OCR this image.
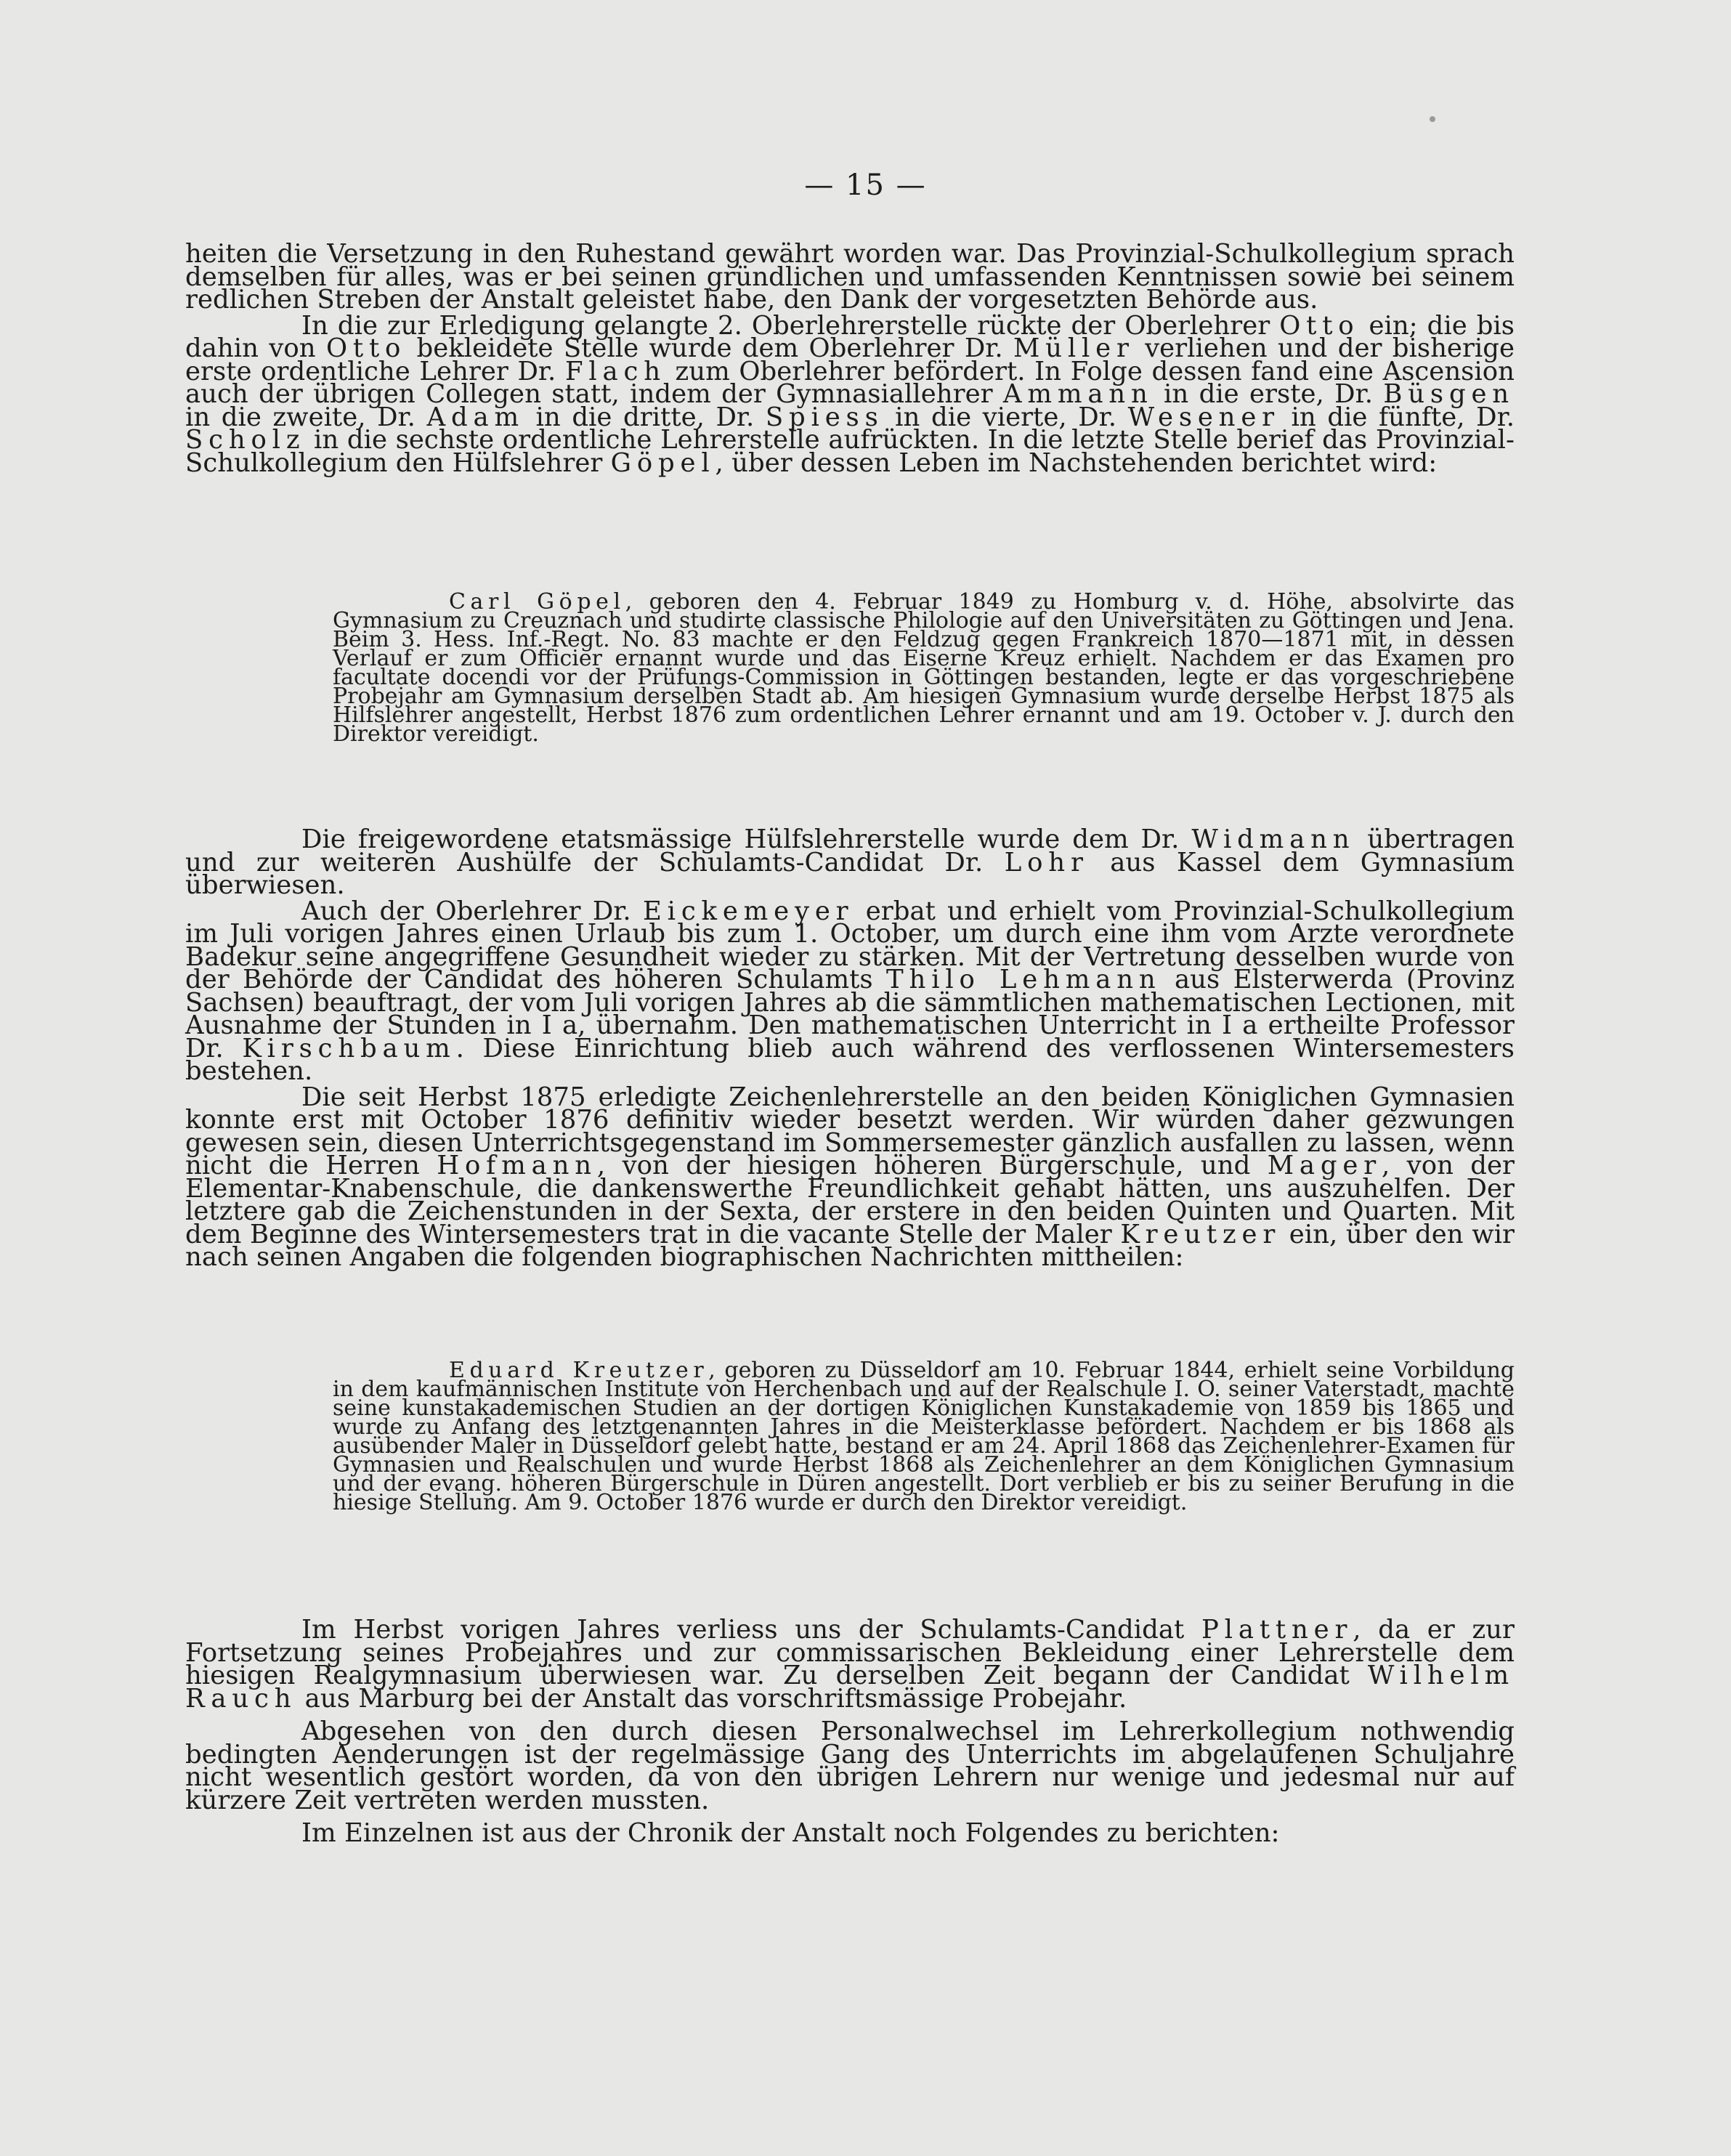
— 15 —

heiten die Versetzung in den Ruhestand gewährt worden war. Das Provinzial-Schulkollegium sprach demselben für alles, was er bei seinen gründlichen und umfassenden Kenntnissen sowie bei seinem redlichen Streben der Anstalt geleistet habe, den Dank der vorgesetzten Behörde aus.

In die zur Erledigung gelangte 2. Oberlehrerstelle rückte der Oberlehrer Otto ein; die bis dahin von Otto bekleidete Stelle wurde dem Oberlehrer Dr. Müller verliehen und der bisherige erste ordentliche Lehrer Dr. Flach zum Oberlehrer befördert. In Folge dessen fand eine Ascension auch der übrigen Collegen statt, indem der Gymnasiallehrer Ammann in die erste, Dr. Büsgen in die zweite, Dr. Adam in die dritte, Dr. Spiess in die vierte, Dr. Wesener in die fünfte, Dr. Scholz in die sechste ordentliche Lehrerstelle aufrückten. In die letzte Stelle berief das Provinzial-Schulkollegium den Hülfslehrer Göpel, über dessen Leben im Nachstehenden berichtet wird:

Carl Göpel, geboren den 4. Februar 1849 zu Homburg v. d. Höhe, absolvirte das Gymnasium zu Creuznach und studirte classische Philologie auf den Universitäten zu Göttingen und Jena. Beim 3. Hess. Inf.-Regt. No. 83 machte er den Feldzug gegen Frankreich 1870—1871 mit, in dessen Verlauf er zum Officier ernannt wurde und das Eiserne Kreuz erhielt. Nachdem er das Examen pro facultate docendi vor der Prüfungs-Commission in Göttingen bestanden, legte er das vorgeschriebene Probejahr am Gymnasium derselben Stadt ab. Am hiesigen Gymnasium wurde derselbe Herbst 1875 als Hilfslehrer angestellt, Herbst 1876 zum ordentlichen Lehrer ernannt und am 19. October v. J. durch den Direktor vereidigt.

Die freigewordene etatsmässige Hülfslehrerstelle wurde dem Dr. Widmann übertragen und zur weiteren Aushülfe der Schulamts-Candidat Dr. Lohr aus Kassel dem Gymnasium überwiesen.

Auch der Oberlehrer Dr. Eickemeyer erbat und erhielt vom Provinzial-Schulkollegium im Juli vorigen Jahres einen Urlaub bis zum 1. October, um durch eine ihm vom Arzte verordnete Badekur seine angegriffene Gesundheit wieder zu stärken. Mit der Vertretung desselben wurde von der Behörde der Candidat des höheren Schulamts Thilo Lehmann aus Elsterwerda (Provinz Sachsen) beauftragt, der vom Juli vorigen Jahres ab die sämmtlichen mathematischen Lectionen, mit Ausnahme der Stunden in I a, übernahm. Den mathematischen Unterricht in I a ertheilte Professor Dr. Kirschbaum. Diese Einrichtung blieb auch während des verflossenen Wintersemesters bestehen.

Die seit Herbst 1875 erledigte Zeichenlehrerstelle an den beiden Königlichen Gymnasien konnte erst mit October 1876 definitiv wieder besetzt werden. Wir würden daher gezwungen gewesen sein, diesen Unterrichtsgegenstand im Sommersemester gänzlich ausfallen zu lassen, wenn nicht die Herren Hofmann, von der hiesigen höheren Bürgerschule, und Mager, von der Elementar-Knabenschule, die dankenswerthe Freundlichkeit gehabt hätten, uns auszuhelfen. Der letztere gab die Zeichenstunden in der Sexta, der erstere in den beiden Quinten und Quarten. Mit dem Beginne des Wintersemesters trat in die vacante Stelle der Maler Kreutzer ein, über den wir nach seinen Angaben die folgenden biographischen Nachrichten mittheilen:

Eduard Kreutzer, geboren zu Düsseldorf am 10. Februar 1844, erhielt seine Vorbildung in dem kaufmännischen Institute von Herchenbach und auf der Realschule I. O. seiner Vaterstadt, machte seine kunstakademischen Studien an der dortigen Königlichen Kunstakademie von 1859 bis 1865 und wurde zu Anfang des letztgenannten Jahres in die Meisterklasse befördert. Nachdem er bis 1868 als ausübender Maler in Düsseldorf gelebt hatte, bestand er am 24. April 1868 das Zeichenlehrer-Examen für Gymnasien und Realschulen und wurde Herbst 1868 als Zeichenlehrer an dem Königlichen Gymnasium und der evang. höheren Bürgerschule in Düren angestellt. Dort verblieb er bis zu seiner Berufung in die hiesige Stellung. Am 9. October 1876 wurde er durch den Direktor vereidigt.

Im Herbst vorigen Jahres verliess uns der Schulamts-Candidat Plattner, da er zur Fortsetzung seines Probejahres und zur commissarischen Bekleidung einer Lehrerstelle dem hiesigen Realgymnasium überwiesen war. Zu derselben Zeit begann der Candidat Wilhelm Rauch aus Marburg bei der Anstalt das vorschriftsmässige Probejahr.

Abgesehen von den durch diesen Personalwechsel im Lehrerkollegium nothwendig bedingten Aenderungen ist der regelmässige Gang des Unterrichts im abgelaufenen Schuljahre nicht wesentlich gestört worden, da von den übrigen Lehrern nur wenige und jedesmal nur auf kürzere Zeit vertreten werden mussten.

Im Einzelnen ist aus der Chronik der Anstalt noch Folgendes zu berichten:
